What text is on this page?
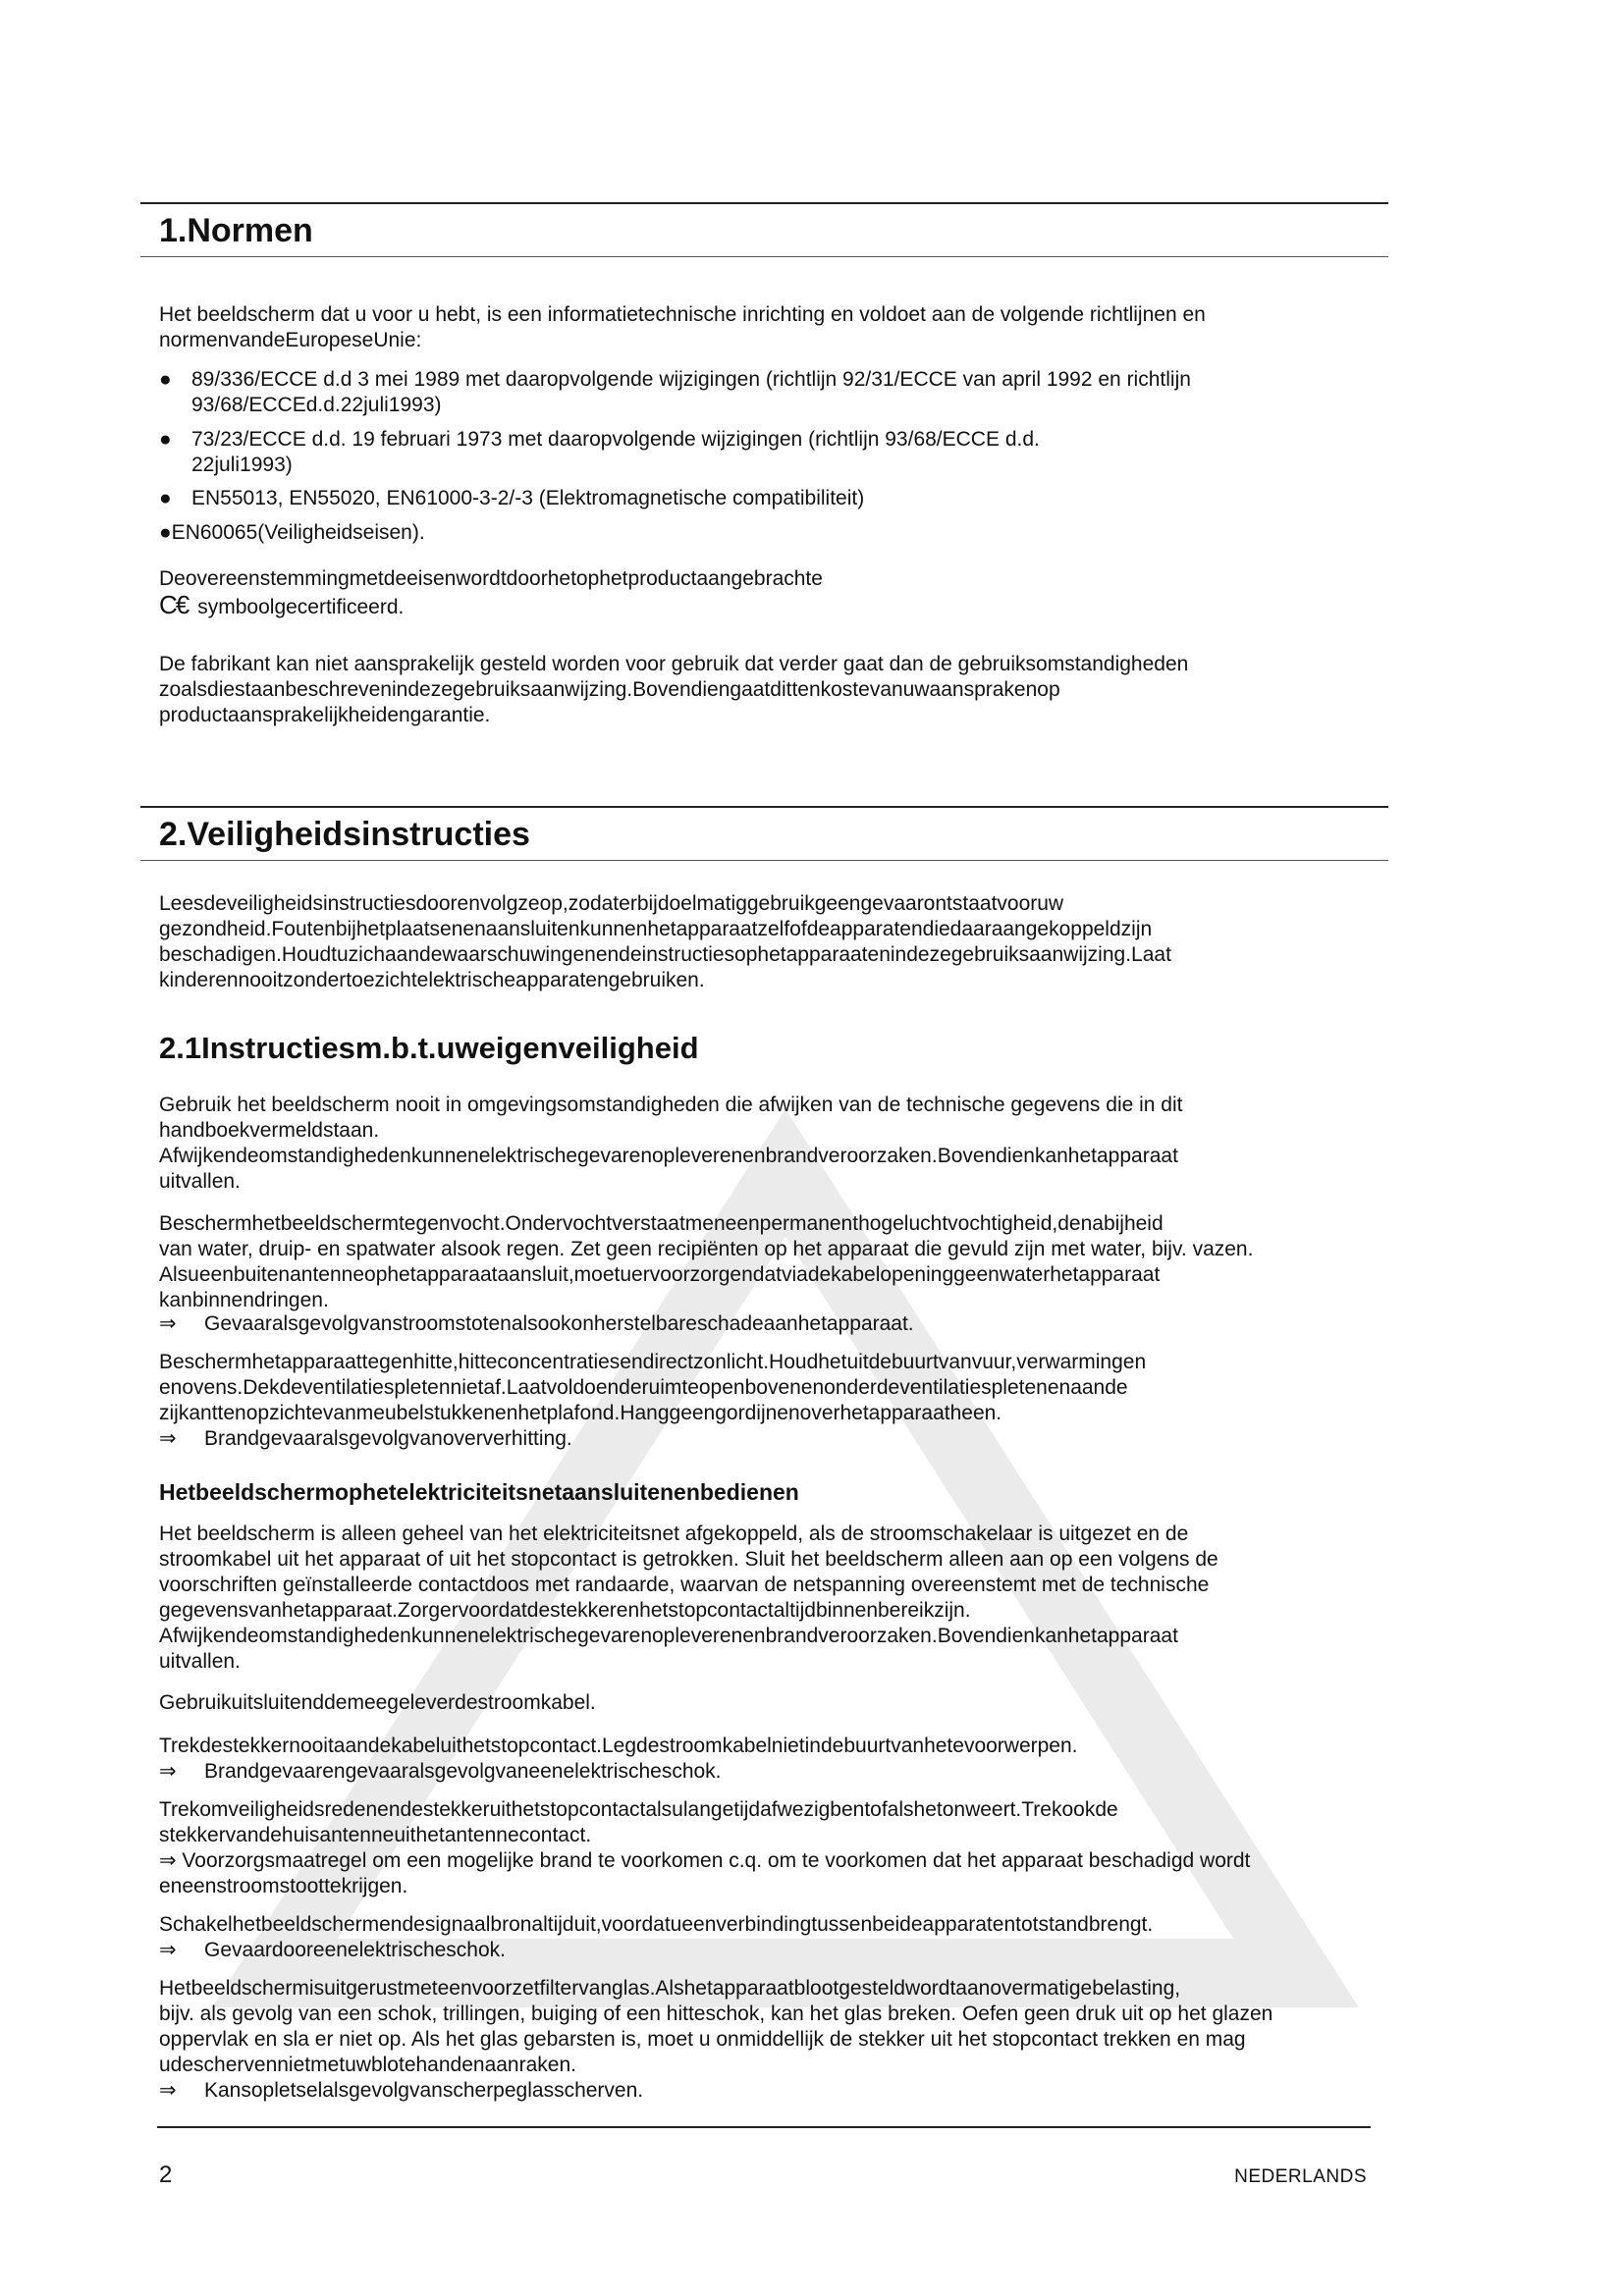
1.Normen
Het beeldscherm dat u voor u hebt, is een informatietechnische inrichting en voldoet aan de volgende richtlijnen en
normenvandeEuropeseUnie:
● 89/336/ECCE d.d 3 mei 1989 met daaropvolgende wijzigingen (richtlijn 92/31/ECCE van april 1992 en richtlijn
93/68/ECCEd.d.22juli1993)
● 73/23/ECCE d.d. 19 februari 1973 met daaropvolgende wijzigingen (richtlijn 93/68/ECCE d.d.
22juli1993)
● EN55013, EN55020, EN61000-3-2/-3 (Elektromagnetische compatibiliteit)
●EN60065(Veiligheidseisen).
Deovereenstemmingmetdeeisenwordtdoorhetophetproductaangebrachte
C€ symboolgecertificeerd.
De fabrikant kan niet aansprakelijk gesteld worden voor gebruik dat verder gaat dan de gebruiksomstandigheden
zoalsdiestaanbeschrevenindezegebruiksaanwijzing.Bovendiengaatdittenkostevanuwaansprakenop
productaansprakelijkheidengarantie.
2.Veiligheidsinstructies
Leesdeveiligheidsinstructiesdoorenvolgzeop,zodaterbijdoelmatiggebruikgeengevaarontstaatvooruw
gezondheid.Foutenbijhetplaatsenenaansluitenkunnenhetapparaatzelfofdeapparatendiedaaraangekoppeldzijn
beschadigen.Houdtuzichaandewaarschuwingenendeinstructiesophetapparaatenindezegebruiksaanwijzing.Laat
kinderennooitzondertoezichtelektrischeapparatengebruiken.
2.1Instructiesm.b.t.uweigenveiligheid
Gebruik het beeldscherm nooit in omgevingsomstandigheden die afwijken van de technische gegevens die in dit
handboekvermeldstaan.
Afwijkendeomstandighedenkunnenelektrischegevarenopleverenenbrandveroorzaken.Bovendienkanhetapparaat
uitvallen.
Beschermhetbeeldschermtegenvocht.Ondervochtverstaatmeneenpermanenthogeluchtvochtigheid,denabijheid
van water, druip- en spatwater alsook regen. Zet geen recipiënten op het apparaat die gevuld zijn met water, bijv. vazen.
Alsueenbuitenantenneophetapparaataansluit,moetuervoorzorgendatviadekabelopeninggeenwaterhetapparaat
kanbinnendringen.
⇒ Gevaaralsgevolgvanstroomstotenalsookonherstelbareschadeaanhetapparaat.
Beschermhetapparaattegenhitte,hitteconcentratiesendirectzonlicht.Houdhetuitdebuurtvanvuur,verwarmingen
enovens.Dekdeventilatiespletennietaf.Laatvoldoenderuimteopenbovenenonderdeventilatiespletenenaande
zijkanttenopzichtevanmeubelstukkenenhetplafond.Hanggeengordijnenoverhetapparaatheen.
⇒ Brandgevaaralsgevolgvanoververhitting.
Hetbeeldschermophetelektriciteitsnetaansluitenenbedienen
Het beeldscherm is alleen geheel van het elektriciteitsnet afgekoppeld, als de stroomschakelaar is uitgezet en de
stroomkabel uit het apparaat of uit het stopcontact is getrokken. Sluit het beeldscherm alleen aan op een volgens de
voorschriften geïnstalleerde contactdoos met randaarde, waarvan de netspanning overeenstemt met de technische
gegevensvanhetapparaat.Zorgervoordatdestekkerenhetstopcontactaltijdbinnenbereikzijn.
Afwijkendeomstandighedenkunnenelektrischegevarenopleverenenbrandveroorzaken.Bovendienkanhetapparaat
uitvallen.
Gebruikuitsluitenddemeegeleverdestroomkabel.
Trekdestekkernooitaandekabeluithetstopcontact.Legdestroomkabelnietindebuurtvanhetevoorwerpen.
⇒ Brandgevaarengevaaralsgevolgvaneenelektrischeschok.
Trekomveiligheidsredenendestekkeruithetstopcontactalsulangetijdafwezigbentofalshetonweert.Trekookde
stekkervandehuisantenneuithetantennecontact.
⇒ Voorzorgsmaatregel om een mogelijke brand te voorkomen c.q. om te voorkomen dat het apparaat beschadigd wordt
eneenstroomstoottekrijgen.
Schakelhetbeeldschermendesignaalbronaltijduit,voordatueenverbindingtussenbeideapparatentotstandbrengt.
⇒ Gevaardooreenelektrischeschok.
Hetbeeldschermisuitgerustmeteenvoorzetfiltervanglas.Alshetapparaatblootgesteldwordtaanovermatigebelasting,
bijv. als gevolg van een schok, trillingen, buiging of een hitteschok, kan het glas breken. Oefen geen druk uit op het glazen
oppervlak en sla er niet op. Als het glas gebarsten is, moet u onmiddellijk de stekker uit het stopcontact trekken en mag
udeschervennietmetuwblotehandenaanraken.
⇒ Kansopletselalsgevolgvanscherpeglasscherven.
2	NEDERLANDS
